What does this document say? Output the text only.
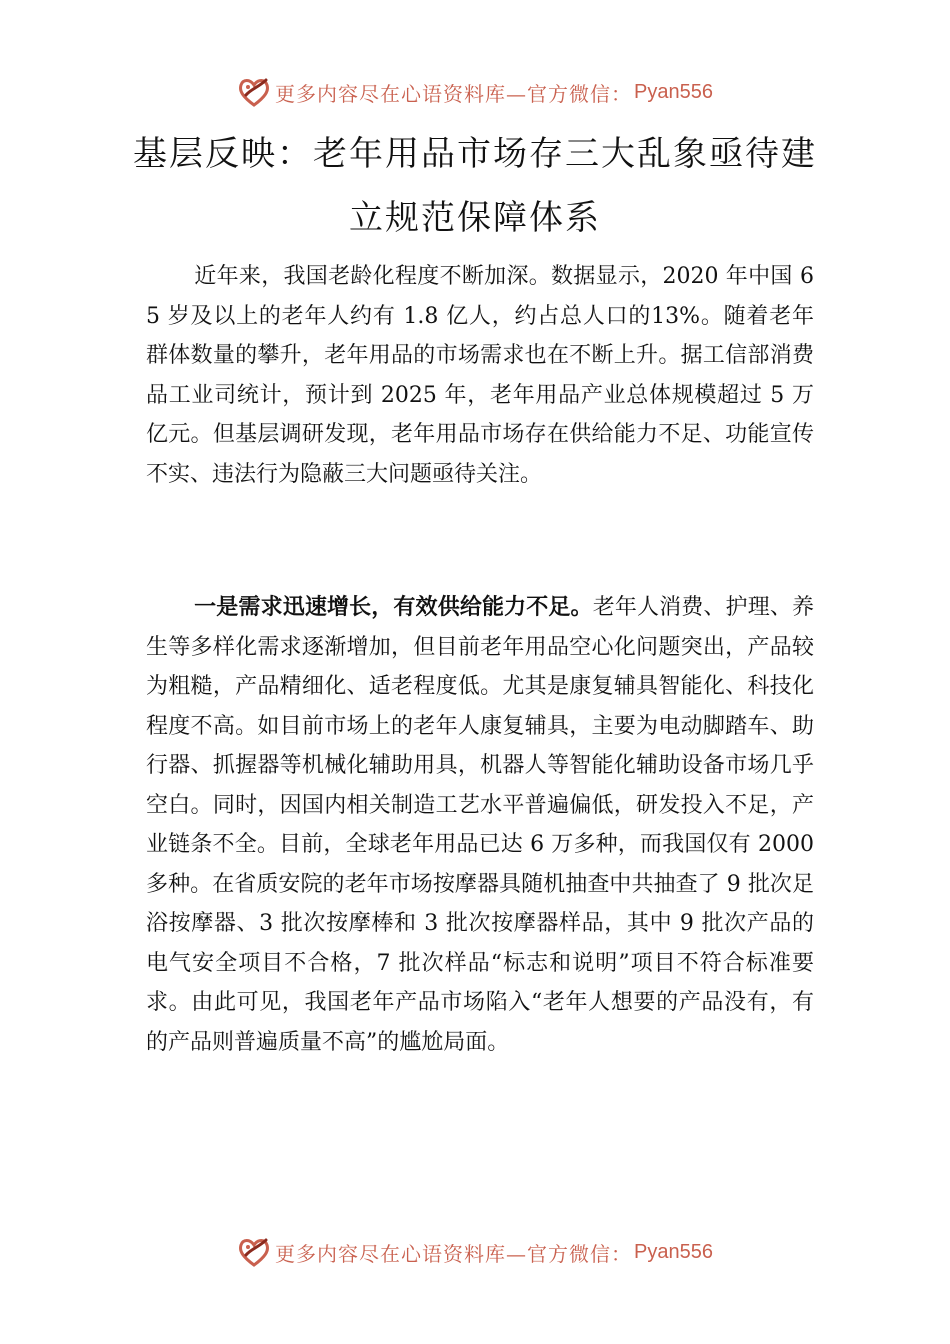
更多内容尽在心语资料库—官方微信： Pyan556
基层反映：老年用品市场存三大乱象亟待建立规范保障体系

近年来，我国老龄化程度不断加深。数据显示，2020 年中国 65 岁及以上的老年人约有 1.8 亿人，约占总人口的13%。随着老年群体数量的攀升，老年用品的市场需求也在不断上升。据工信部消费品工业司统计，预计到 2025 年，老年用品产业总体规模超过 5 万亿元。但基层调研发现，老年用品市场存在供给能力不足、功能宣传不实、违法行为隐蔽三大问题亟待关注。

一是需求迅速增长，有效供给能力不足。老年人消费、护理、养生等多样化需求逐渐增加，但目前老年用品空心化问题突出，产品较为粗糙，产品精细化、适老程度低。尤其是康复辅具智能化、科技化程度不高。如目前市场上的老年人康复辅具，主要为电动脚踏车、助行器、抓握器等机械化辅助用具，机器人等智能化辅助设备市场几乎空白。同时，因国内相关制造工艺水平普遍偏低，研发投入不足，产业链条不全。目前，全球老年用品已达 6 万多种，而我国仅有 2000 多种。在省质安院的老年市场按摩器具随机抽查中共抽查了 9 批次足浴按摩器、3 批次按摩棒和 3 批次按摩器样品，其中 9 批次产品的电气安全项目不合格，7 批次样品“标志和说明”项目不符合标准要求。由此可见，我国老年产品市场陷入“老年人想要的产品没有，有的产品则普遍质量不高”的尴尬局面。

更多内容尽在心语资料库—官方微信： Pyan556
